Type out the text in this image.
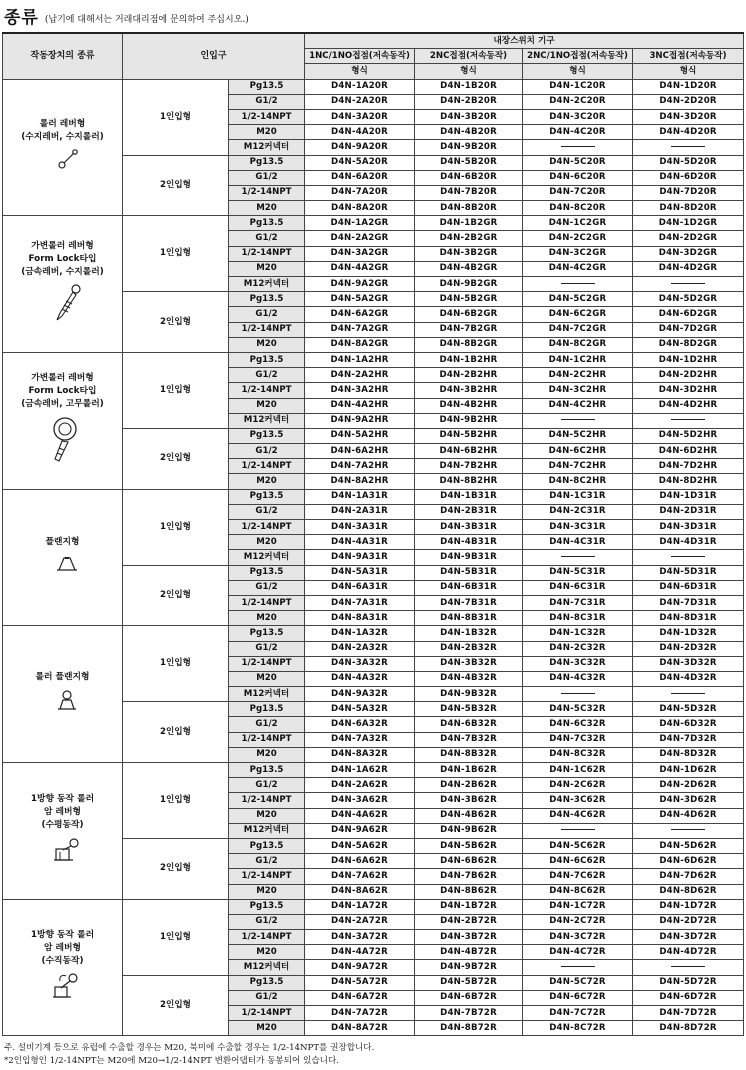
종류 (납기에 대해서는 거래대리점에 문의하여 주십시오.)
작동장치의 종류	인입구		내장스위치 기구			
			1NC/1NO접점(저속동작)	2NC접점(저속동작)	2NC/1NO접점(저속동작)	3NC접점(저속동작)
			형식	형식	형식	형식

롤러 레버형
(수지레버, 수지롤러)	1인입형	Pg13.5	D4N-1A20R	D4N-1B20R	D4N-1C20R	D4N-1D20R
		G1/2	D4N-2A20R	D4N-2B20R	D4N-2C20R	D4N-2D20R
		1/2-14NPT	D4N-3A20R	D4N-3B20R	D4N-3C20R	D4N-3D20R
		M20	D4N-4A20R	D4N-4B20R	D4N-4C20R	D4N-4D20R
		M12커넥터	D4N-9A20R	D4N-9B20R		
	2인입형	Pg13.5	D4N-5A20R	D4N-5B20R	D4N-5C20R	D4N-5D20R
		G1/2	D4N-6A20R	D4N-6B20R	D4N-6C20R	D4N-6D20R
		1/2-14NPT	D4N-7A20R	D4N-7B20R	D4N-7C20R	D4N-7D20R
		M20	D4N-8A20R	D4N-8B20R	D4N-8C20R	D4N-8D20R

가변롤러 레버형
Form Lock타입
(금속레버, 수지롤러)	1인입형	Pg13.5	D4N-1A2GR	D4N-1B2GR	D4N-1C2GR	D4N-1D2GR
		G1/2	D4N-2A2GR	D4N-2B2GR	D4N-2C2GR	D4N-2D2GR
		1/2-14NPT	D4N-3A2GR	D4N-3B2GR	D4N-3C2GR	D4N-3D2GR
		M20	D4N-4A2GR	D4N-4B2GR	D4N-4C2GR	D4N-4D2GR
		M12커넥터	D4N-9A2GR	D4N-9B2GR		
	2인입형	Pg13.5	D4N-5A2GR	D4N-5B2GR	D4N-5C2GR	D4N-5D2GR
		G1/2	D4N-6A2GR	D4N-6B2GR	D4N-6C2GR	D4N-6D2GR
		1/2-14NPT	D4N-7A2GR	D4N-7B2GR	D4N-7C2GR	D4N-7D2GR
		M20	D4N-8A2GR	D4N-8B2GR	D4N-8C2GR	D4N-8D2GR

가변롤러 레버형
Form Lock타입
(금속레버, 고무롤러)	1인입형	Pg13.5	D4N-1A2HR	D4N-1B2HR	D4N-1C2HR	D4N-1D2HR
		G1/2	D4N-2A2HR	D4N-2B2HR	D4N-2C2HR	D4N-2D2HR
		1/2-14NPT	D4N-3A2HR	D4N-3B2HR	D4N-3C2HR	D4N-3D2HR
		M20	D4N-4A2HR	D4N-4B2HR	D4N-4C2HR	D4N-4D2HR
		M12커넥터	D4N-9A2HR	D4N-9B2HR		
	2인입형	Pg13.5	D4N-5A2HR	D4N-5B2HR	D4N-5C2HR	D4N-5D2HR
		G1/2	D4N-6A2HR	D4N-6B2HR	D4N-6C2HR	D4N-6D2HR
		1/2-14NPT	D4N-7A2HR	D4N-7B2HR	D4N-7C2HR	D4N-7D2HR
		M20	D4N-8A2HR	D4N-8B2HR	D4N-8C2HR	D4N-8D2HR

플랜지형	1인입형	Pg13.5	D4N-1A31R	D4N-1B31R	D4N-1C31R	D4N-1D31R
		G1/2	D4N-2A31R	D4N-2B31R	D4N-2C31R	D4N-2D31R
		1/2-14NPT	D4N-3A31R	D4N-3B31R	D4N-3C31R	D4N-3D31R
		M20	D4N-4A31R	D4N-4B31R	D4N-4C31R	D4N-4D31R
		M12커넥터	D4N-9A31R	D4N-9B31R		
	2인입형	Pg13.5	D4N-5A31R	D4N-5B31R	D4N-5C31R	D4N-5D31R
		G1/2	D4N-6A31R	D4N-6B31R	D4N-6C31R	D4N-6D31R
		1/2-14NPT	D4N-7A31R	D4N-7B31R	D4N-7C31R	D4N-7D31R
		M20	D4N-8A31R	D4N-8B31R	D4N-8C31R	D4N-8D31R

롤러 플랜지형	1인입형	Pg13.5	D4N-1A32R	D4N-1B32R	D4N-1C32R	D4N-1D32R
		G1/2	D4N-2A32R	D4N-2B32R	D4N-2C32R	D4N-2D32R
		1/2-14NPT	D4N-3A32R	D4N-3B32R	D4N-3C32R	D4N-3D32R
		M20	D4N-4A32R	D4N-4B32R	D4N-4C32R	D4N-4D32R
		M12커넥터	D4N-9A32R	D4N-9B32R		
	2인입형	Pg13.5	D4N-5A32R	D4N-5B32R	D4N-5C32R	D4N-5D32R
		G1/2	D4N-6A32R	D4N-6B32R	D4N-6C32R	D4N-6D32R
		1/2-14NPT	D4N-7A32R	D4N-7B32R	D4N-7C32R	D4N-7D32R
		M20	D4N-8A32R	D4N-8B32R	D4N-8C32R	D4N-8D32R

1방향 동작 롤러
암 레버형
(수평동작)	1인입형	Pg13.5	D4N-1A62R	D4N-1B62R	D4N-1C62R	D4N-1D62R
		G1/2	D4N-2A62R	D4N-2B62R	D4N-2C62R	D4N-2D62R
		1/2-14NPT	D4N-3A62R	D4N-3B62R	D4N-3C62R	D4N-3D62R
		M20	D4N-4A62R	D4N-4B62R	D4N-4C62R	D4N-4D62R
		M12커넥터	D4N-9A62R	D4N-9B62R		
	2인입형	Pg13.5	D4N-5A62R	D4N-5B62R	D4N-5C62R	D4N-5D62R
		G1/2	D4N-6A62R	D4N-6B62R	D4N-6C62R	D4N-6D62R
		1/2-14NPT	D4N-7A62R	D4N-7B62R	D4N-7C62R	D4N-7D62R
		M20	D4N-8A62R	D4N-8B62R	D4N-8C62R	D4N-8D62R

1방향 동작 롤러
암 레버형
(수직동작)	1인입형	Pg13.5	D4N-1A72R	D4N-1B72R	D4N-1C72R	D4N-1D72R
		G1/2	D4N-2A72R	D4N-2B72R	D4N-2C72R	D4N-2D72R
		1/2-14NPT	D4N-3A72R	D4N-3B72R	D4N-3C72R	D4N-3D72R
		M20	D4N-4A72R	D4N-4B72R	D4N-4C72R	D4N-4D72R
		M12커넥터	D4N-9A72R	D4N-9B72R		
	2인입형	Pg13.5	D4N-5A72R	D4N-5B72R	D4N-5C72R	D4N-5D72R
		G1/2	D4N-6A72R	D4N-6B72R	D4N-6C72R	D4N-6D72R
		1/2-14NPT	D4N-7A72R	D4N-7B72R	D4N-7C72R	D4N-7D72R
		M20	D4N-8A72R	D4N-8B72R	D4N-8C72R	D4N-8D72R
주. 설비기계 등으로 유럽에 수출할 경우는 M20, 북미에 수출할 경우는 1/2-14NPT를 권장합니다.
*2인입형인 1/2-14NPT는 M20에 M20→1/2-14NPT 변환어댑터가 동봉되어 있습니다.
